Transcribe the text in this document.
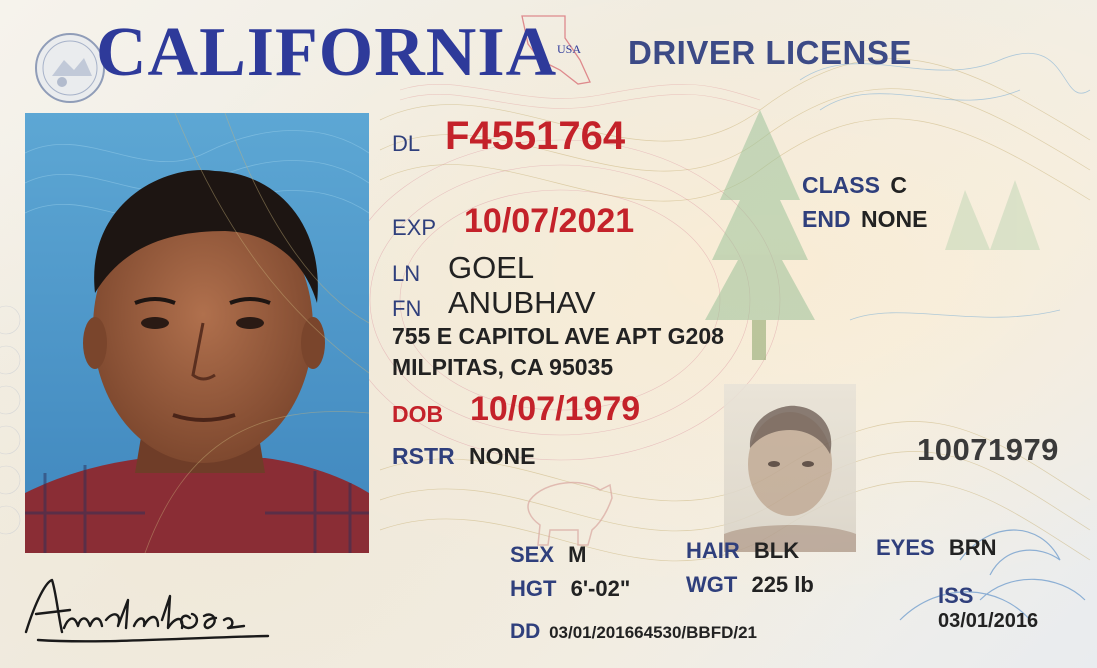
CALIFORNIA USA DRIVER LICENSE
DL F4551764
CLASS C
END NONE
EXP 10/07/2021
LN GOEL
FN ANUBHAV
755 E CAPITOL AVE APT G208
MILPITAS, CA 95035
DOB 10/07/1979
RSTR NONE	10071979
SEX M	HAIR BLK	EYES BRN
HGT 6'-02"	WGT 225 lb	ISS
03/01/2016
DD 03/01/201664530/BBFD/21
